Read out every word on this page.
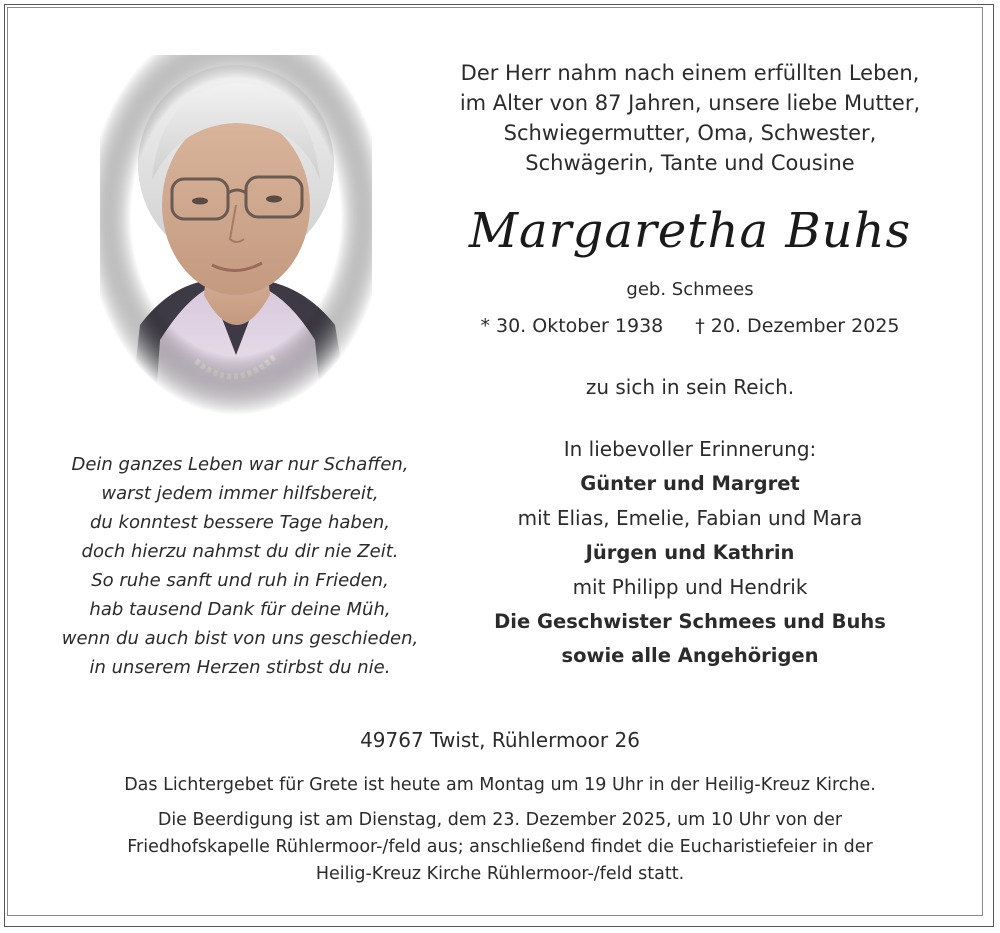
Der Herr nahm nach einem erfüllten Leben,
im Alter von 87 Jahren, unsere liebe Mutter,
Schwiegermutter, Oma, Schwester,
Schwägerin, Tante und Cousine
Margaretha Buhs
geb. Schmees
* 30. Oktober 1938 † 20. Dezember 2025
zu sich in sein Reich.
Dein ganzes Leben war nur Schaffen,
warst jedem immer hilfsbereit,
du konntest bessere Tage haben,
doch hierzu nahmst du dir nie Zeit.
So ruhe sanft und ruh in Frieden,
hab tausend Dank für deine Müh,
wenn du auch bist von uns geschieden,
in unserem Herzen stirbst du nie.
In liebevoller Erinnerung:
Günter und Margret
mit Elias, Emelie, Fabian und Mara
Jürgen und Kathrin
mit Philipp und Hendrik
Die Geschwister Schmees und Buhs
sowie alle Angehörigen
49767 Twist, Rühlermoor 26
Das Lichtergebet für Grete ist heute am Montag um 19 Uhr in der Heilig-Kreuz Kirche.
Die Beerdigung ist am Dienstag, dem 23. Dezember 2025, um 10 Uhr von der
Friedhofskapelle Rühlermoor-/feld aus; anschließend findet die Eucharistiefeier in der
Heilig-Kreuz Kirche Rühlermoor-/feld statt.
